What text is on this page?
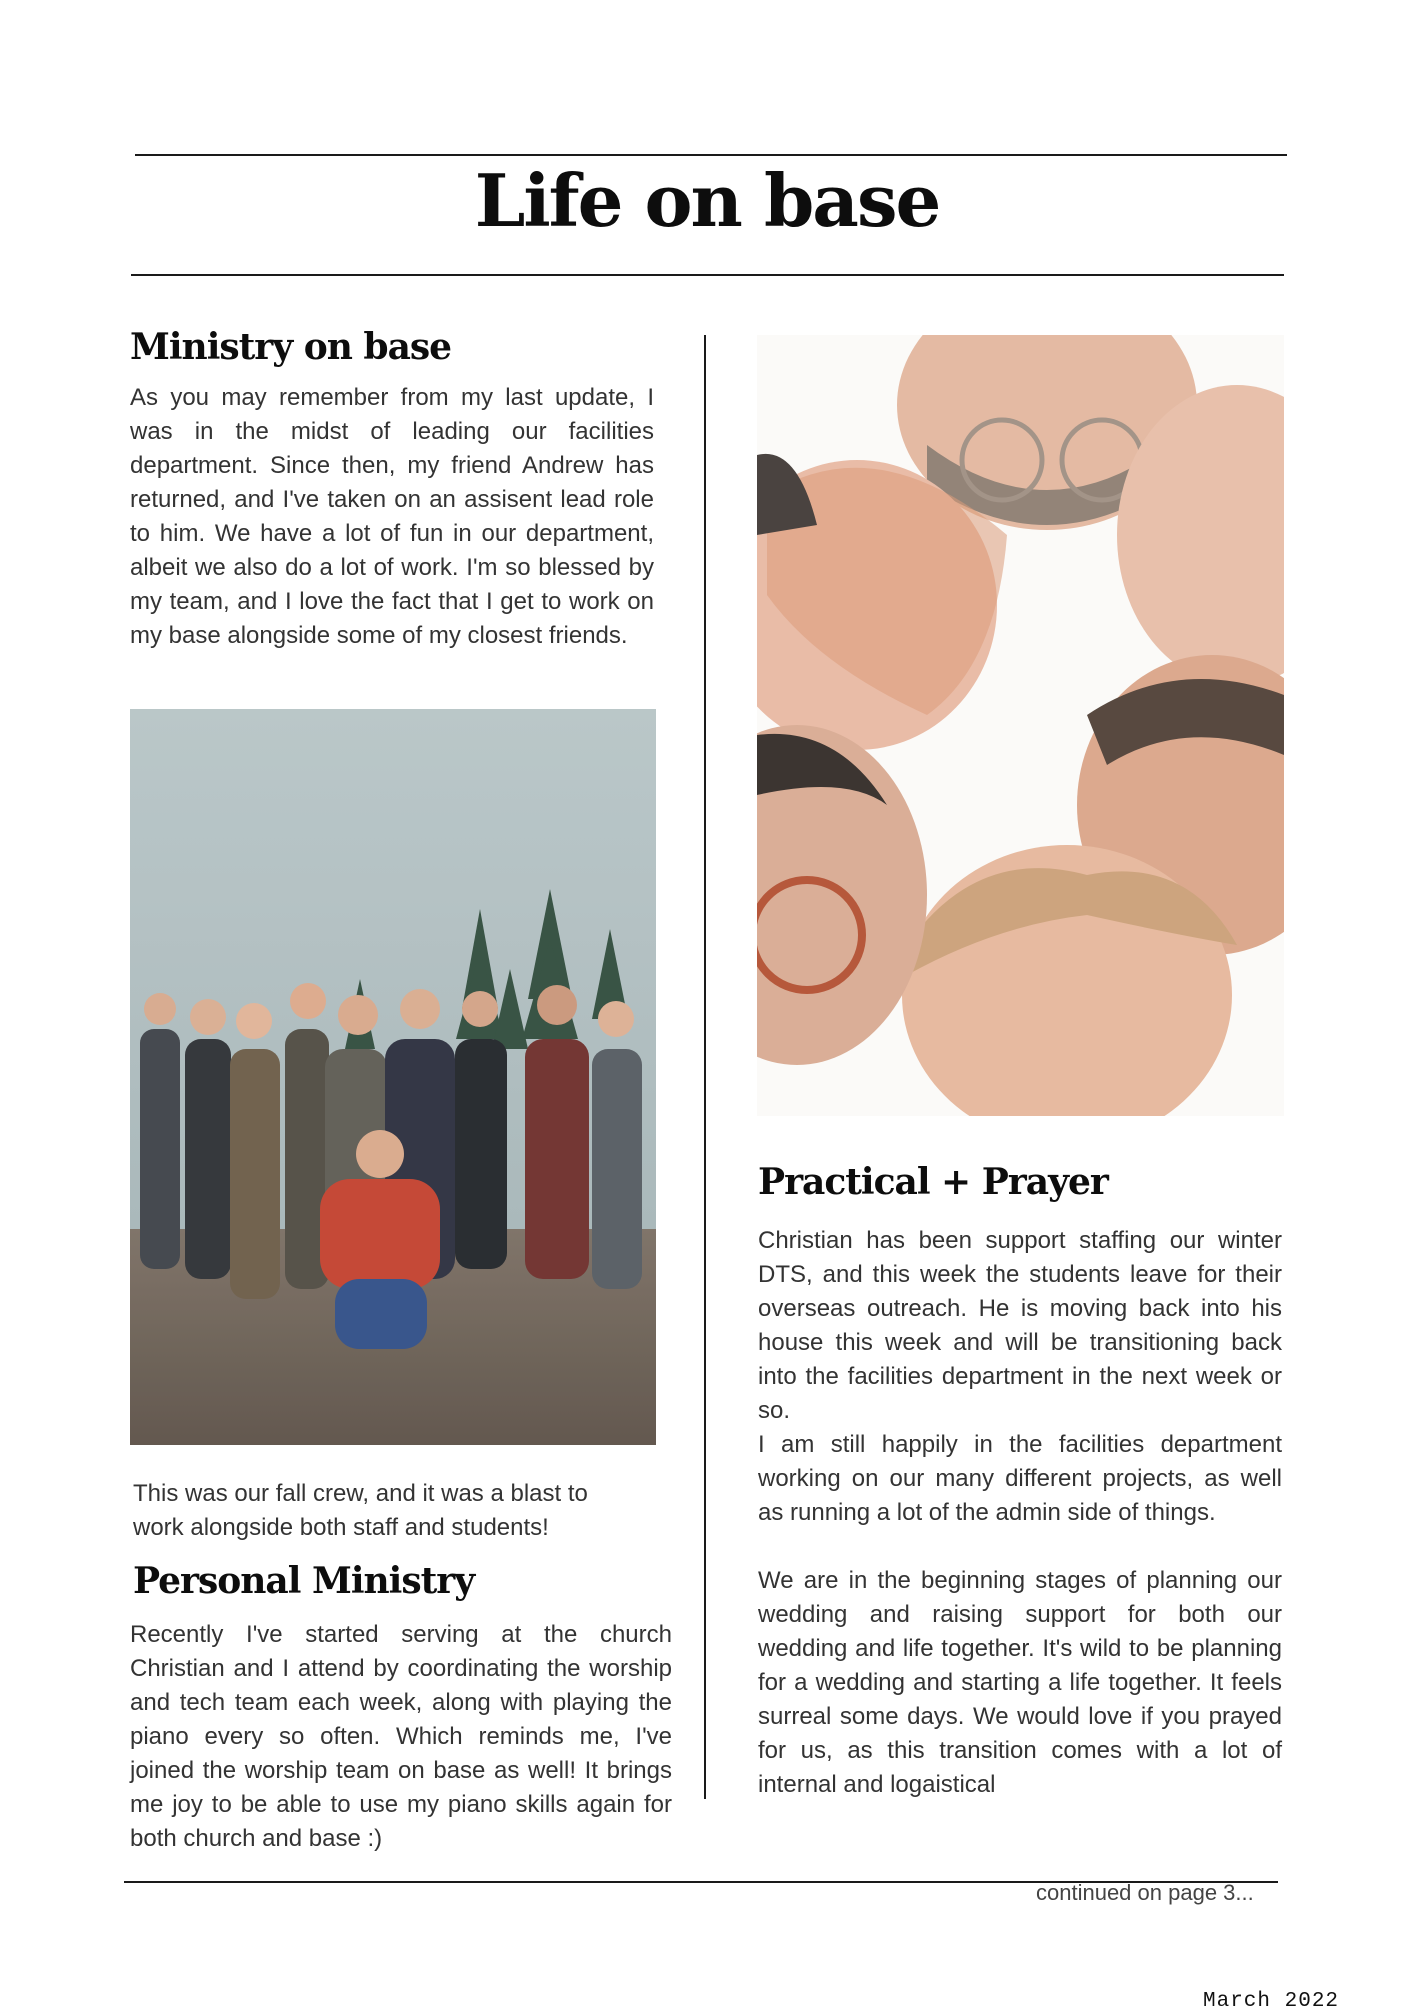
Life on base
Ministry on base

As you may remember from my last update, I was in the midst of leading our facilities department. Since then, my friend Andrew has returned, and I've taken on an assisent lead role to him. We have a lot of fun in our department, albeit we also do a lot of work. I'm so blessed by my team, and I love the fact that I get to work on my base alongside some of my closest friends.

This was our fall crew, and it was a blast to work alongside both staff and students!

Personal Ministry

Recently I've started serving at the church Christian and I attend by coordinating the worship and tech team each week, along with playing the piano every so often. Which reminds me, I've joined the worship team on base as well! It brings me joy to be able to use my piano skills again for both church and base :)

Practical + Prayer
Christian has been support staffing our winter DTS, and this week the students leave for their overseas outreach. He is moving back into his house this week and will be transitioning back into the facilities department in the next week or so.
I am still happily in the facilities department working on our many different projects, as well as running a lot of the admin side of things.
We are in the beginning stages of planning our wedding and raising support for both our wedding and life together. It's wild to be planning for a wedding and starting a life together. It feels surreal some days. We would love if you prayed for us, as this transition comes with a lot of internal and logaistical
continued on page 3...
March 2022
